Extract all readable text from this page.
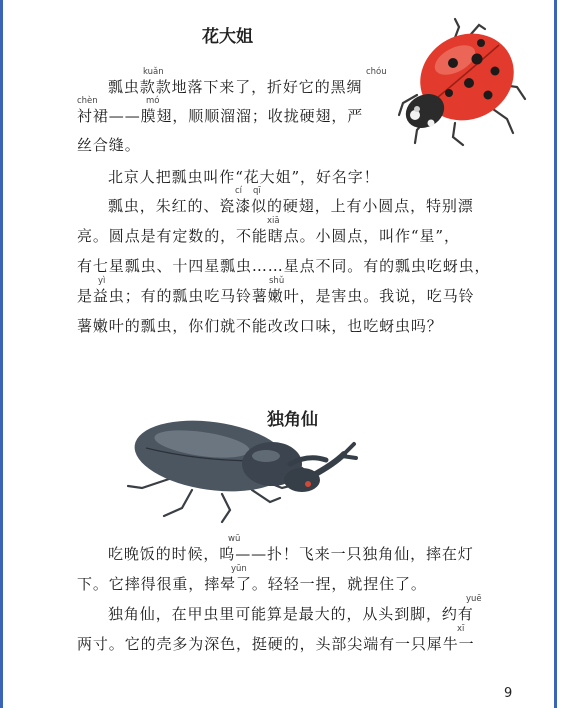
花大姐
kuǎn	chóu
瓢虫款款地落下来了，折好它的黑绸
chèn	mó
衬裙——膜翅，顺顺溜溜；收拢硬翅，严
丝合缝。
北京人把瓢虫叫作“花大姐”，好名字！
cí qī
瓢虫，朱红的、瓷漆似的硬翅，上有小圆点，特别漂
xiā
亮。圆点是有定数的，不能瞎点。小圆点，叫作“星”，
有七星瓢虫、十四星瓢虫……星点不同。有的瓢虫吃蚜虫，
yì	shǔ
是益虫；有的瓢虫吃马铃薯嫩叶，是害虫。我说，吃马铃
薯嫩叶的瓢虫，你们就不能改改口味，也吃蚜虫吗？
独角仙
wū
吃晚饭的时候，呜——扑！飞来一只独角仙，摔在灯
yūn
下。它摔得很重，摔晕了。轻轻一捏，就捏住了。
yuē
独角仙，在甲虫里可能算是最大的，从头到脚，约有
xī
两寸。它的壳多为深色，挺硬的，头部尖端有一只犀牛一
9
